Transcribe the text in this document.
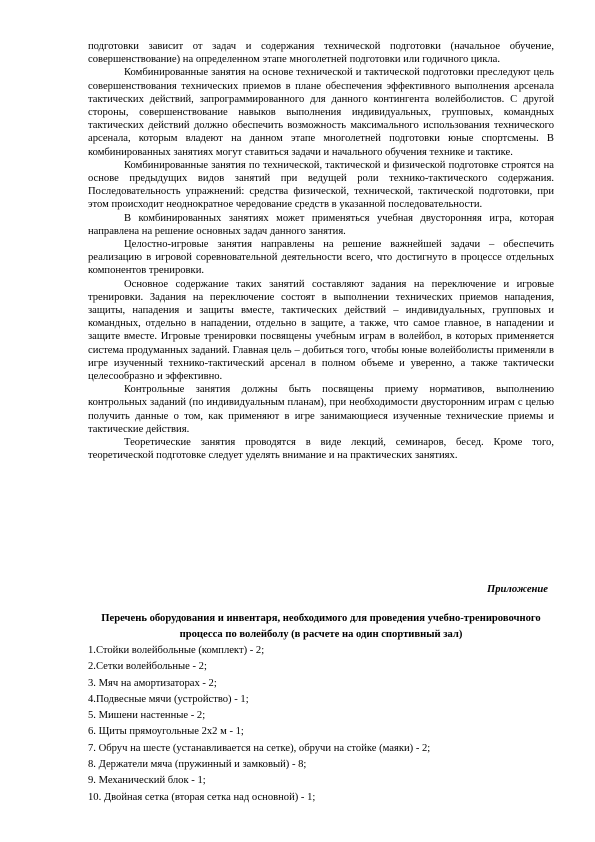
подготовки зависит от задач и содержания технической подготовки (начальное обучение, совершенствование) на определенном этапе многолетней подготовки или годичного цикла.

Комбинированные занятия на основе технической и тактической подготовки преследуют цель совершенствования технических приемов в плане обеспечения эффективного выполнения арсенала тактических действий, запрограммированного для данного контингента волейболистов. С другой стороны, совершенствование навыков выполнения индивидуальных, групповых, командных тактических действий должно обеспечить возможность максимального использования технического арсенала, которым владеют на данном этапе многолетней подготовки юные спортсмены. В комбинированных занятиях могут ставиться задачи и начального обучения технике и тактике.

Комбинированные занятия по технической, тактической и физической подготовке строятся на основе предыдущих видов занятий при ведущей роли технико-тактического содержания. Последовательность упражнений: средства физической, технической, тактической подготовки, при этом происходит неоднократное чередование средств в указанной последовательности.

В комбинированных занятиях может применяться учебная двусторонняя игра, которая направлена на решение основных задач данного занятия.

Целостно-игровые занятия направлены на решение важнейшей задачи – обеспечить реализацию в игровой соревновательной деятельности всего, что достигнуто в процессе отдельных компонентов тренировки.

Основное содержание таких занятий составляют задания на переключение и игровые тренировки. Задания на переключение состоят в выполнении технических приемов нападения, защиты, нападения и защиты вместе, тактических действий – индивидуальных, групповых и командных, отдельно в нападении, отдельно в защите, а также, что самое главное, в нападении и защите вместе. Игровые тренировки посвящены учебным играм в волейбол, в которых применяется система продуманных заданий. Главная цель – добиться того, чтобы юные волейболисты применяли в игре изученный технико-тактический арсенал в полном объеме и уверенно, а также тактически целесообразно и эффективно.

Контрольные занятия должны быть посвящены приему нормативов, выполнению контрольных заданий (по индивидуальным планам), при необходимости двусторонним играм с целью получить данные о том, как применяют в игре занимающиеся изученные технические приемы и тактические действия.

Теоретические занятия проводятся в виде лекций, семинаров, бесед. Кроме того, теоретической подготовке следует уделять внимание и на практических занятиях.

Приложение
Перечень оборудования и инвентаря, необходимого для проведения учебно-тренировочного процесса по волейболу (в расчете на один спортивный зал)
1.Стойки волейбольные (комплект) - 2;
2.Сетки волейбольные - 2;
3. Мяч на амортизаторах - 2;
4.Подвесные мячи (устройство) - 1;
5. Мишени настенные - 2;
6. Щиты прямоугольные 2х2 м - 1;
7. Обруч на шесте (устанавливается на сетке), обручи на стойке (маяки) - 2;
8. Держатели мяча (пружинный и замковый) - 8;
9. Механический блок - 1;
10. Двойная сетка (вторая сетка над основной) - 1;
